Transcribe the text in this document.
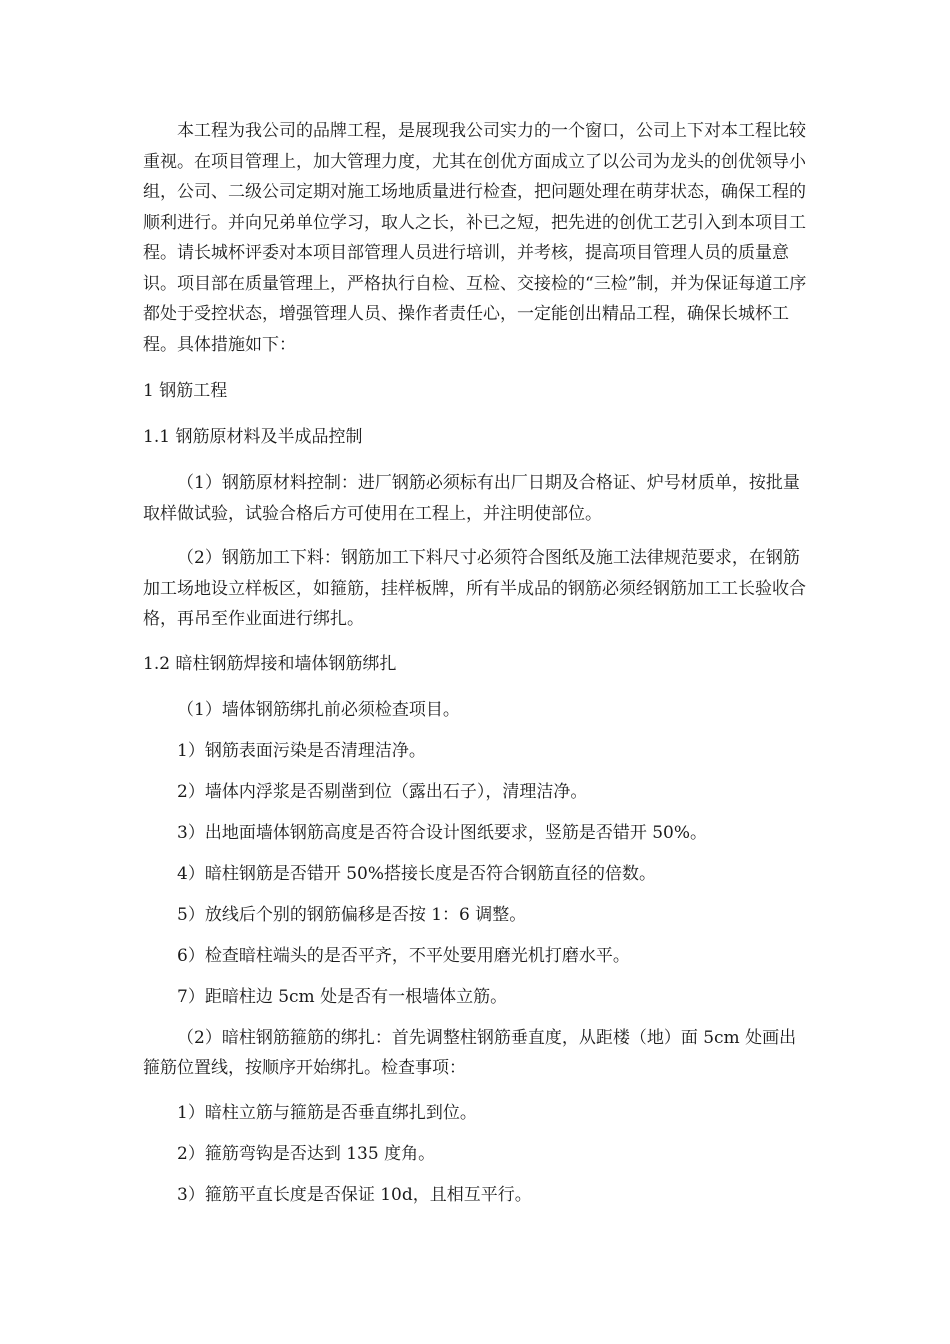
本工程为我公司的品牌工程，是展现我公司实力的一个窗口，公司上下对本工程比较重视。在项目管理上，加大管理力度，尤其在创优方面成立了以公司为龙头的创优领导小组，公司、二级公司定期对施工场地质量进行检查，把问题处理在萌芽状态，确保工程的顺利进行。并向兄弟单位学习，取人之长，补已之短，把先进的创优工艺引入到本项目工程。请长城杯评委对本项目部管理人员进行培训，并考核，提高项目管理人员的质量意识。项目部在质量管理上，严格执行自检、互检、交接检的“三检”制，并为保证每道工序都处于受控状态，增强管理人员、操作者责任心，一定能创出精品工程，确保长城杯工程。具体措施如下：

1 钢筋工程

1.1 钢筋原材料及半成品控制

（1）钢筋原材料控制：进厂钢筋必须标有出厂日期及合格证、炉号材质单，按批量取样做试验，试验合格后方可使用在工程上，并注明使部位。

（2）钢筋加工下料：钢筋加工下料尺寸必须符合图纸及施工法律规范要求，在钢筋加工场地设立样板区，如箍筋，挂样板牌，所有半成品的钢筋必须经钢筋加工工长验收合格，再吊至作业面进行绑扎。

1.2 暗柱钢筋焊接和墙体钢筋绑扎

（1）墙体钢筋绑扎前必须检查项目。

1）钢筋表面污染是否清理洁净。

2）墙体内浮浆是否剔凿到位（露出石子），清理洁净。

3）出地面墙体钢筋高度是否符合设计图纸要求，竖筋是否错开 50%。

4）暗柱钢筋是否错开 50%搭接长度是否符合钢筋直径的倍数。

5）放线后个别的钢筋偏移是否按 1：6 调整。

6）检查暗柱端头的是否平齐，不平处要用磨光机打磨水平。

7）距暗柱边 5cm 处是否有一根墙体立筋。

（2）暗柱钢筋箍筋的绑扎：首先调整柱钢筋垂直度，从距楼（地）面 5cm 处画出箍筋位置线，按顺序开始绑扎。检查事项：

1）暗柱立筋与箍筋是否垂直绑扎到位。

2）箍筋弯钩是否达到 135 度角。

3）箍筋平直长度是否保证 10d，且相互平行。
